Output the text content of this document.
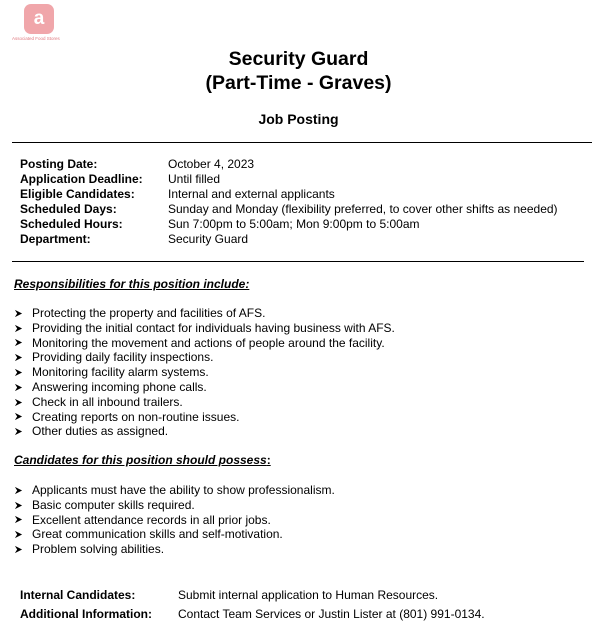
a
Associated Food Stores
Security Guard
(Part-Time - Graves)
Job Posting
Posting Date:	October 4, 2023
Application Deadline:	Until filled
Eligible Candidates:	Internal and external applicants
Scheduled Days:	Sunday and Monday (flexibility preferred, to cover other shifts as needed)
Scheduled Hours:	Sun 7:00pm to 5:00am; Mon 9:00pm to 5:00am
Department:	Security Guard
Responsibilities for this position include:
Protecting the property and facilities of AFS.
Providing the initial contact for individuals having business with AFS.
Monitoring the movement and actions of people around the facility.
Providing daily facility inspections.
Monitoring facility alarm systems.
Answering incoming phone calls.
Check in all inbound trailers.
Creating reports on non-routine issues.
Other duties as assigned.
Candidates for this position should possess:
Applicants must have the ability to show professionalism.
Basic computer skills required.
Excellent attendance records in all prior jobs.
Great communication skills and self-motivation.
Problem solving abilities.
Internal Candidates:	Submit internal application to Human Resources.
Additional Information:	Contact Team Services or Justin Lister at (801) 991-0134.
